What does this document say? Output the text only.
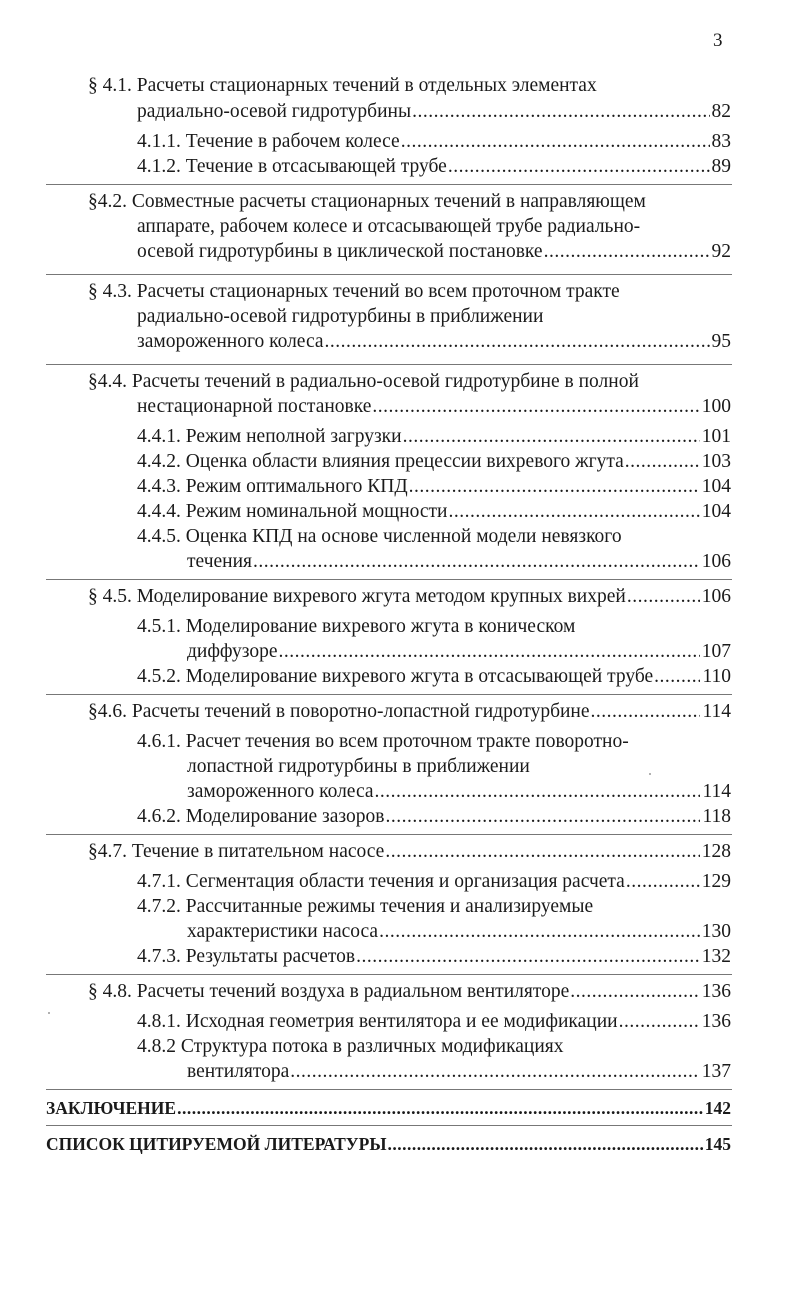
3
§ 4.1. Расчеты стационарных течений в отдельных элементах
радиально-осевой гидротурбины .....	82
4.1.1. Течение в рабочем колесе .....	83
4.1.2. Течение в отсасывающей трубе .....	89
§4.2. Совместные расчеты стационарных течений в направляющем
аппарате, рабочем колесе и отсасывающей трубе радиально-
осевой гидротурбины в циклической постановке .....	92
§ 4.3. Расчеты стационарных течений во всем проточном тракте
радиально-осевой гидротурбины в приближении
замороженного колеса .....	95
§4.4. Расчеты течений в радиально-осевой гидротурбине в полной
нестационарной постановке .....	100
4.4.1. Режим неполной загрузки .....	101
4.4.2. Оценка области влияния прецессии вихревого жгута .....	103
4.4.3. Режим оптимального КПД .....	104
4.4.4. Режим номинальной мощности .....	104
4.4.5. Оценка КПД на основе численной модели невязкого
течения .....	106
§ 4.5. Моделирование вихревого жгута методом крупных вихрей .....	106
4.5.1. Моделирование вихревого жгута в коническом
диффузоре .....	107
4.5.2. Моделирование вихревого жгута в отсасывающей трубе .....	110
§4.6. Расчеты течений в поворотно-лопастной гидротурбине .....	114
4.6.1. Расчет течения во всем проточном тракте поворотно-
лопастной гидротурбины в приближении
замороженного колеса .....	114
4.6.2. Моделирование зазоров .....	118
§4.7. Течение в питательном насосе .....	128
4.7.1. Сегментация области течения и организация расчета .....	129
4.7.2. Рассчитанные режимы течения и анализируемые
характеристики насоса .....	130
4.7.3. Результаты расчетов .....	132
§ 4.8. Расчеты течений воздуха в радиальном вентиляторе .....	136
4.8.1. Исходная геометрия вентилятора и ее модификации .....	136
4.8.2 Структура потока в различных модификациях
вентилятора .....	137
ЗАКЛЮЧЕНИЕ .....	142
СПИСОК ЦИТИРУЕМОЙ ЛИТЕРАТУРЫ .....	145
